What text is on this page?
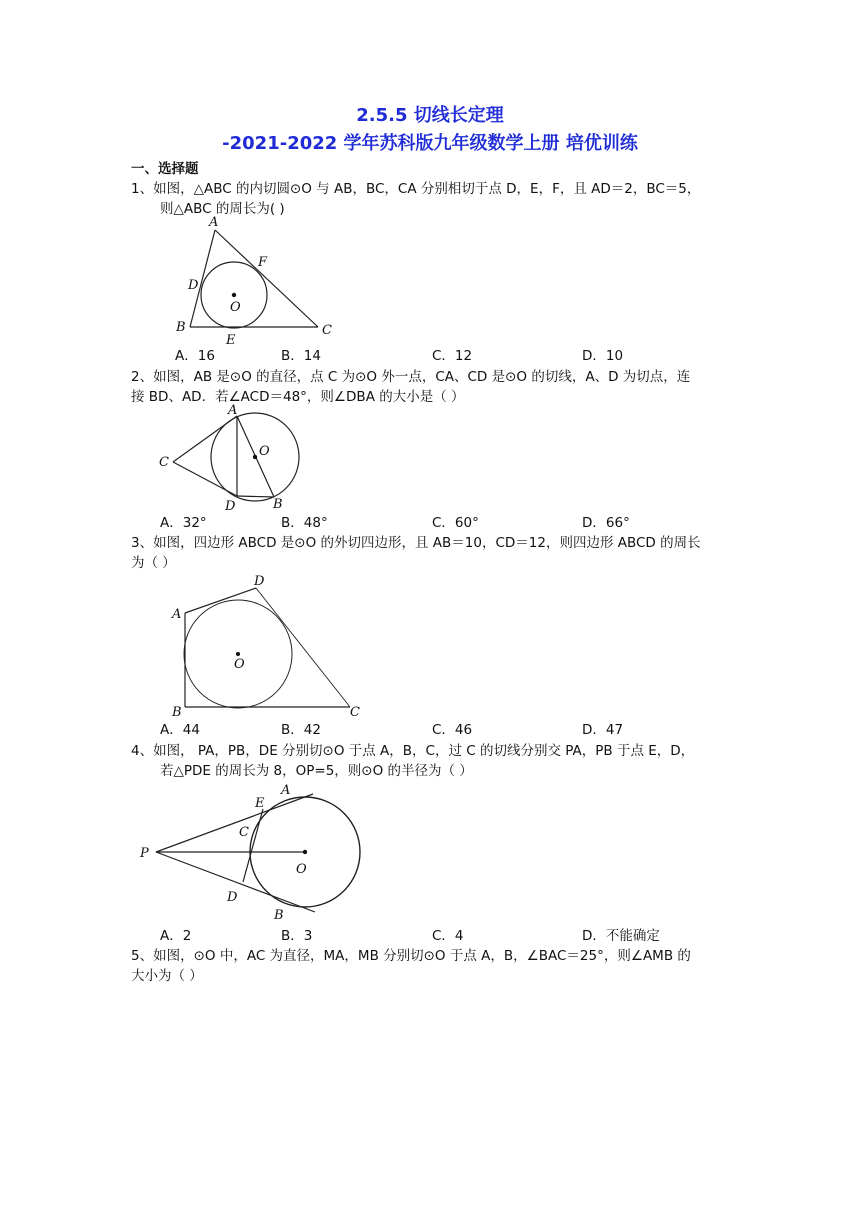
2.5.5 切线长定理
-2021-2022 学年苏科版九年级数学上册 培优训练
一、选择题
1、如图，△ABC 的内切圆⊙O 与 AB，BC，CA 分别相切于点 D，E，F，且 AD＝2，BC＝5，
则△ABC 的周长为( )
A
F
D
O
B
E
C
A．16	B．14	C．12	D．10
2、如图，AB 是⊙O 的直径，点 C 为⊙O 外一点，CA、CD 是⊙O 的切线，A、D 为切点，连
接 BD、AD．若∠ACD＝48°，则∠DBA 的大小是（ ）
A
O
C
D	B
A．32°	B．48°	C．60°	D．66°
3、如图，四边形 ABCD 是⊙O 的外切四边形，且 AB＝10，CD＝12，则四边形 ABCD 的周长
为（ ）
D
A
O
B	C
A．44	B．42	C．46	D．47
4、如图， PA，PB，DE 分别切⊙O 于点 A，B，C，过 C 的切线分别交 PA，PB 于点 E，D，
若△PDE 的周长为 8，OP=5，则⊙O 的半径为（ ）
E
A
C
P
O
D
B
A．2	B．3	C．4	D．不能确定
5、如图，⊙O 中，AC 为直径，MA，MB 分别切⊙O 于点 A，B，∠BAC＝25°，则∠AMB 的
大小为（ ）
